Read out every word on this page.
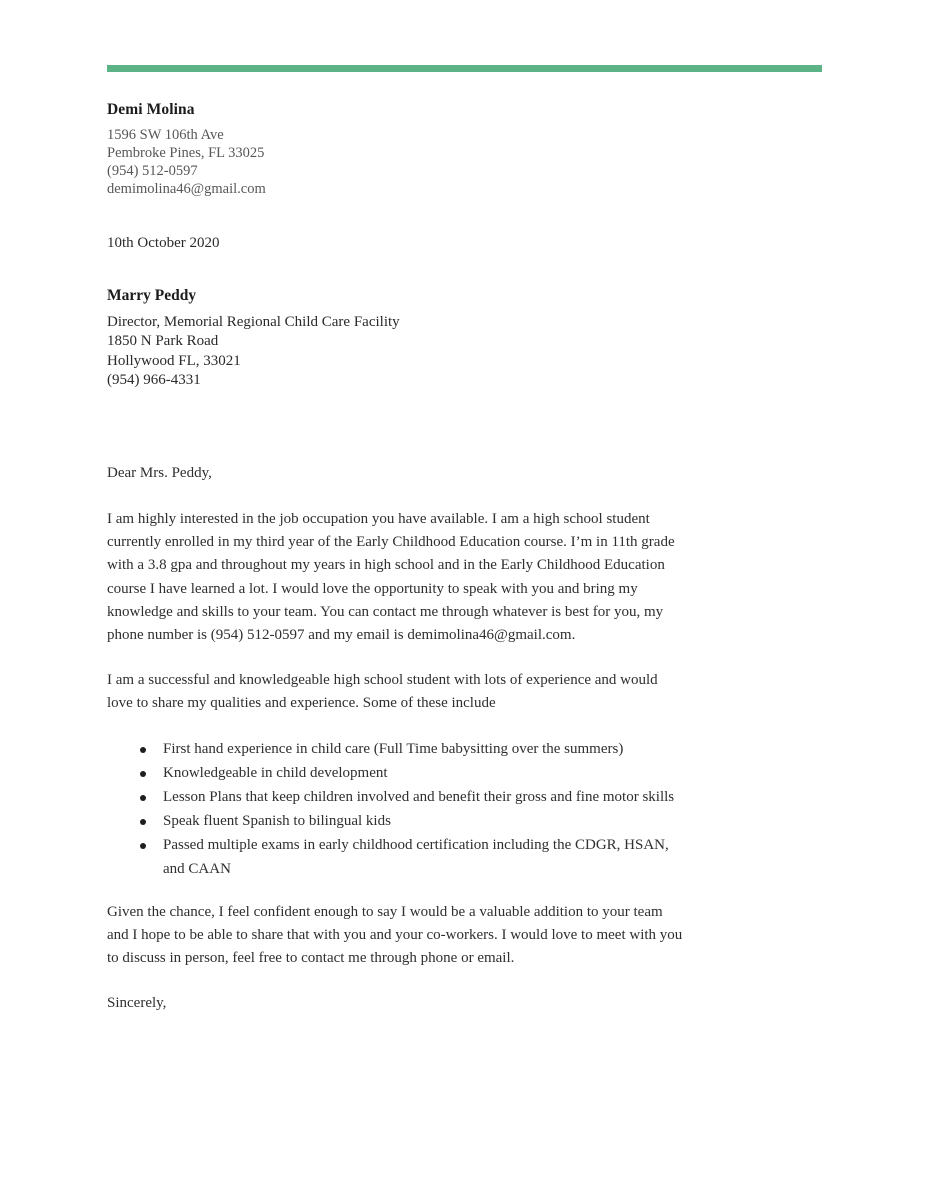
Demi Molina
1596 SW 106th Ave
Pembroke Pines, FL 33025
(954) 512-0597
demimolina46@gmail.com
10th October 2020
Marry Peddy
Director, Memorial Regional Child Care Facility
1850 N Park Road
Hollywood FL, 33021
(954) 966-4331

Dear Mrs. Peddy,

I am highly interested in the job occupation you have available. I am a high school student currently enrolled in my third year of the Early Childhood Education course. I’m in 11th grade with a 3.8 gpa and throughout my years in high school and in the Early Childhood Education course I have learned a lot. I would love the opportunity to speak with you and bring my knowledge and skills to your team. You can contact me through whatever is best for you, my phone number is (954) 512-0597 and my email is demimolina46@gmail.com.

I am a successful and knowledgeable high school student with lots of experience and would love to share my qualities and experience. Some of these include

First hand experience in child care (Full Time babysitting over the summers)
Knowledgeable in child development
Lesson Plans that keep children involved and benefit their gross and fine motor skills
Speak fluent Spanish to bilingual kids
Passed multiple exams in early childhood certification including the CDGR, HSAN, and CAAN

Given the chance, I feel confident enough to say I would be a valuable addition to your team and I hope to be able to share that with you and your co-workers. I would love to meet with you to discuss in person, feel free to contact me through phone or email.

Sincerely,
